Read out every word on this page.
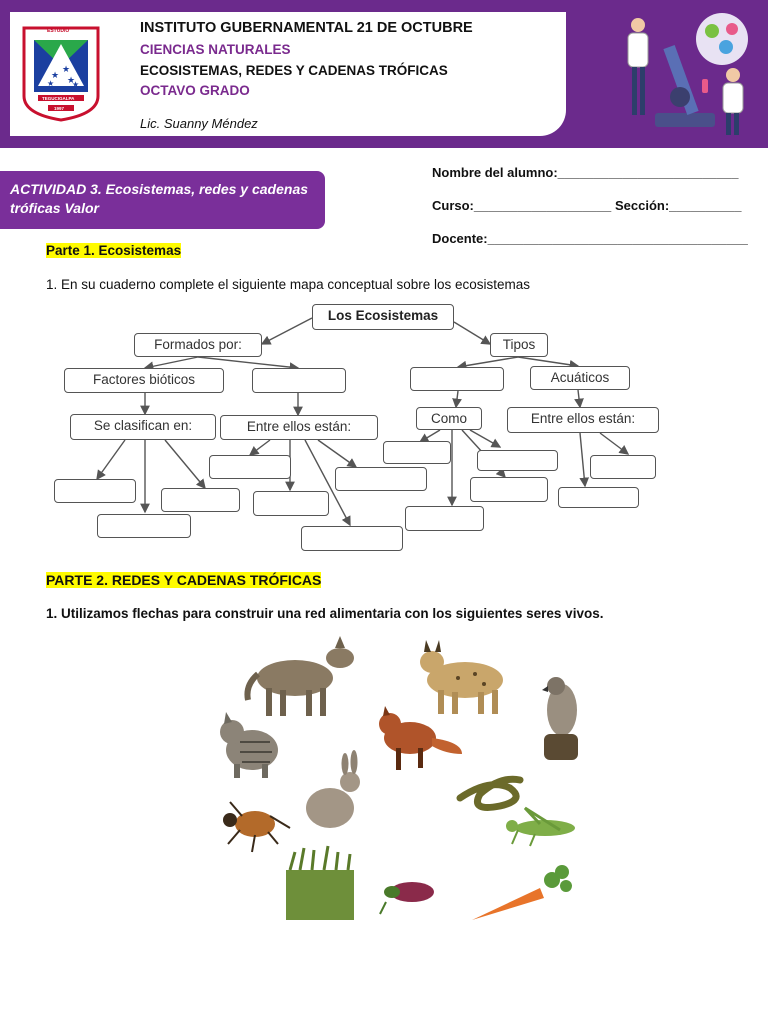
★
★
★
★ ★
ESTUDIO
TEGUCIGALPA
1997
INSTITUTO GUBERNAMENTAL 21 DE OCTUBRE
CIENCIAS NATURALES
ECOSISTEMAS, REDES Y CADENAS TRÓFICAS
OCTAVO GRADO
Lic. Suanny Méndez
ACTIVIDAD 3. Ecosistemas, redes y cadenas tróficas Valor
Nombre del alumno:_________________________
Curso:___________________ Sección:__________
Docente:____________________________________
Parte 1. Ecosistemas
1. En su cuaderno complete el siguiente mapa conceptual sobre los ecosistemas
Los Ecosistemas
Formados por:	Tipos
Factores bióticos	Acuáticos
Se clasifican en:	Entre ellos están:
Como	Entre ellos están:
PARTE 2. REDES Y CADENAS TRÓFICAS
1. Utilizamos flechas para construir una red alimentaria con los siguientes seres vivos.
